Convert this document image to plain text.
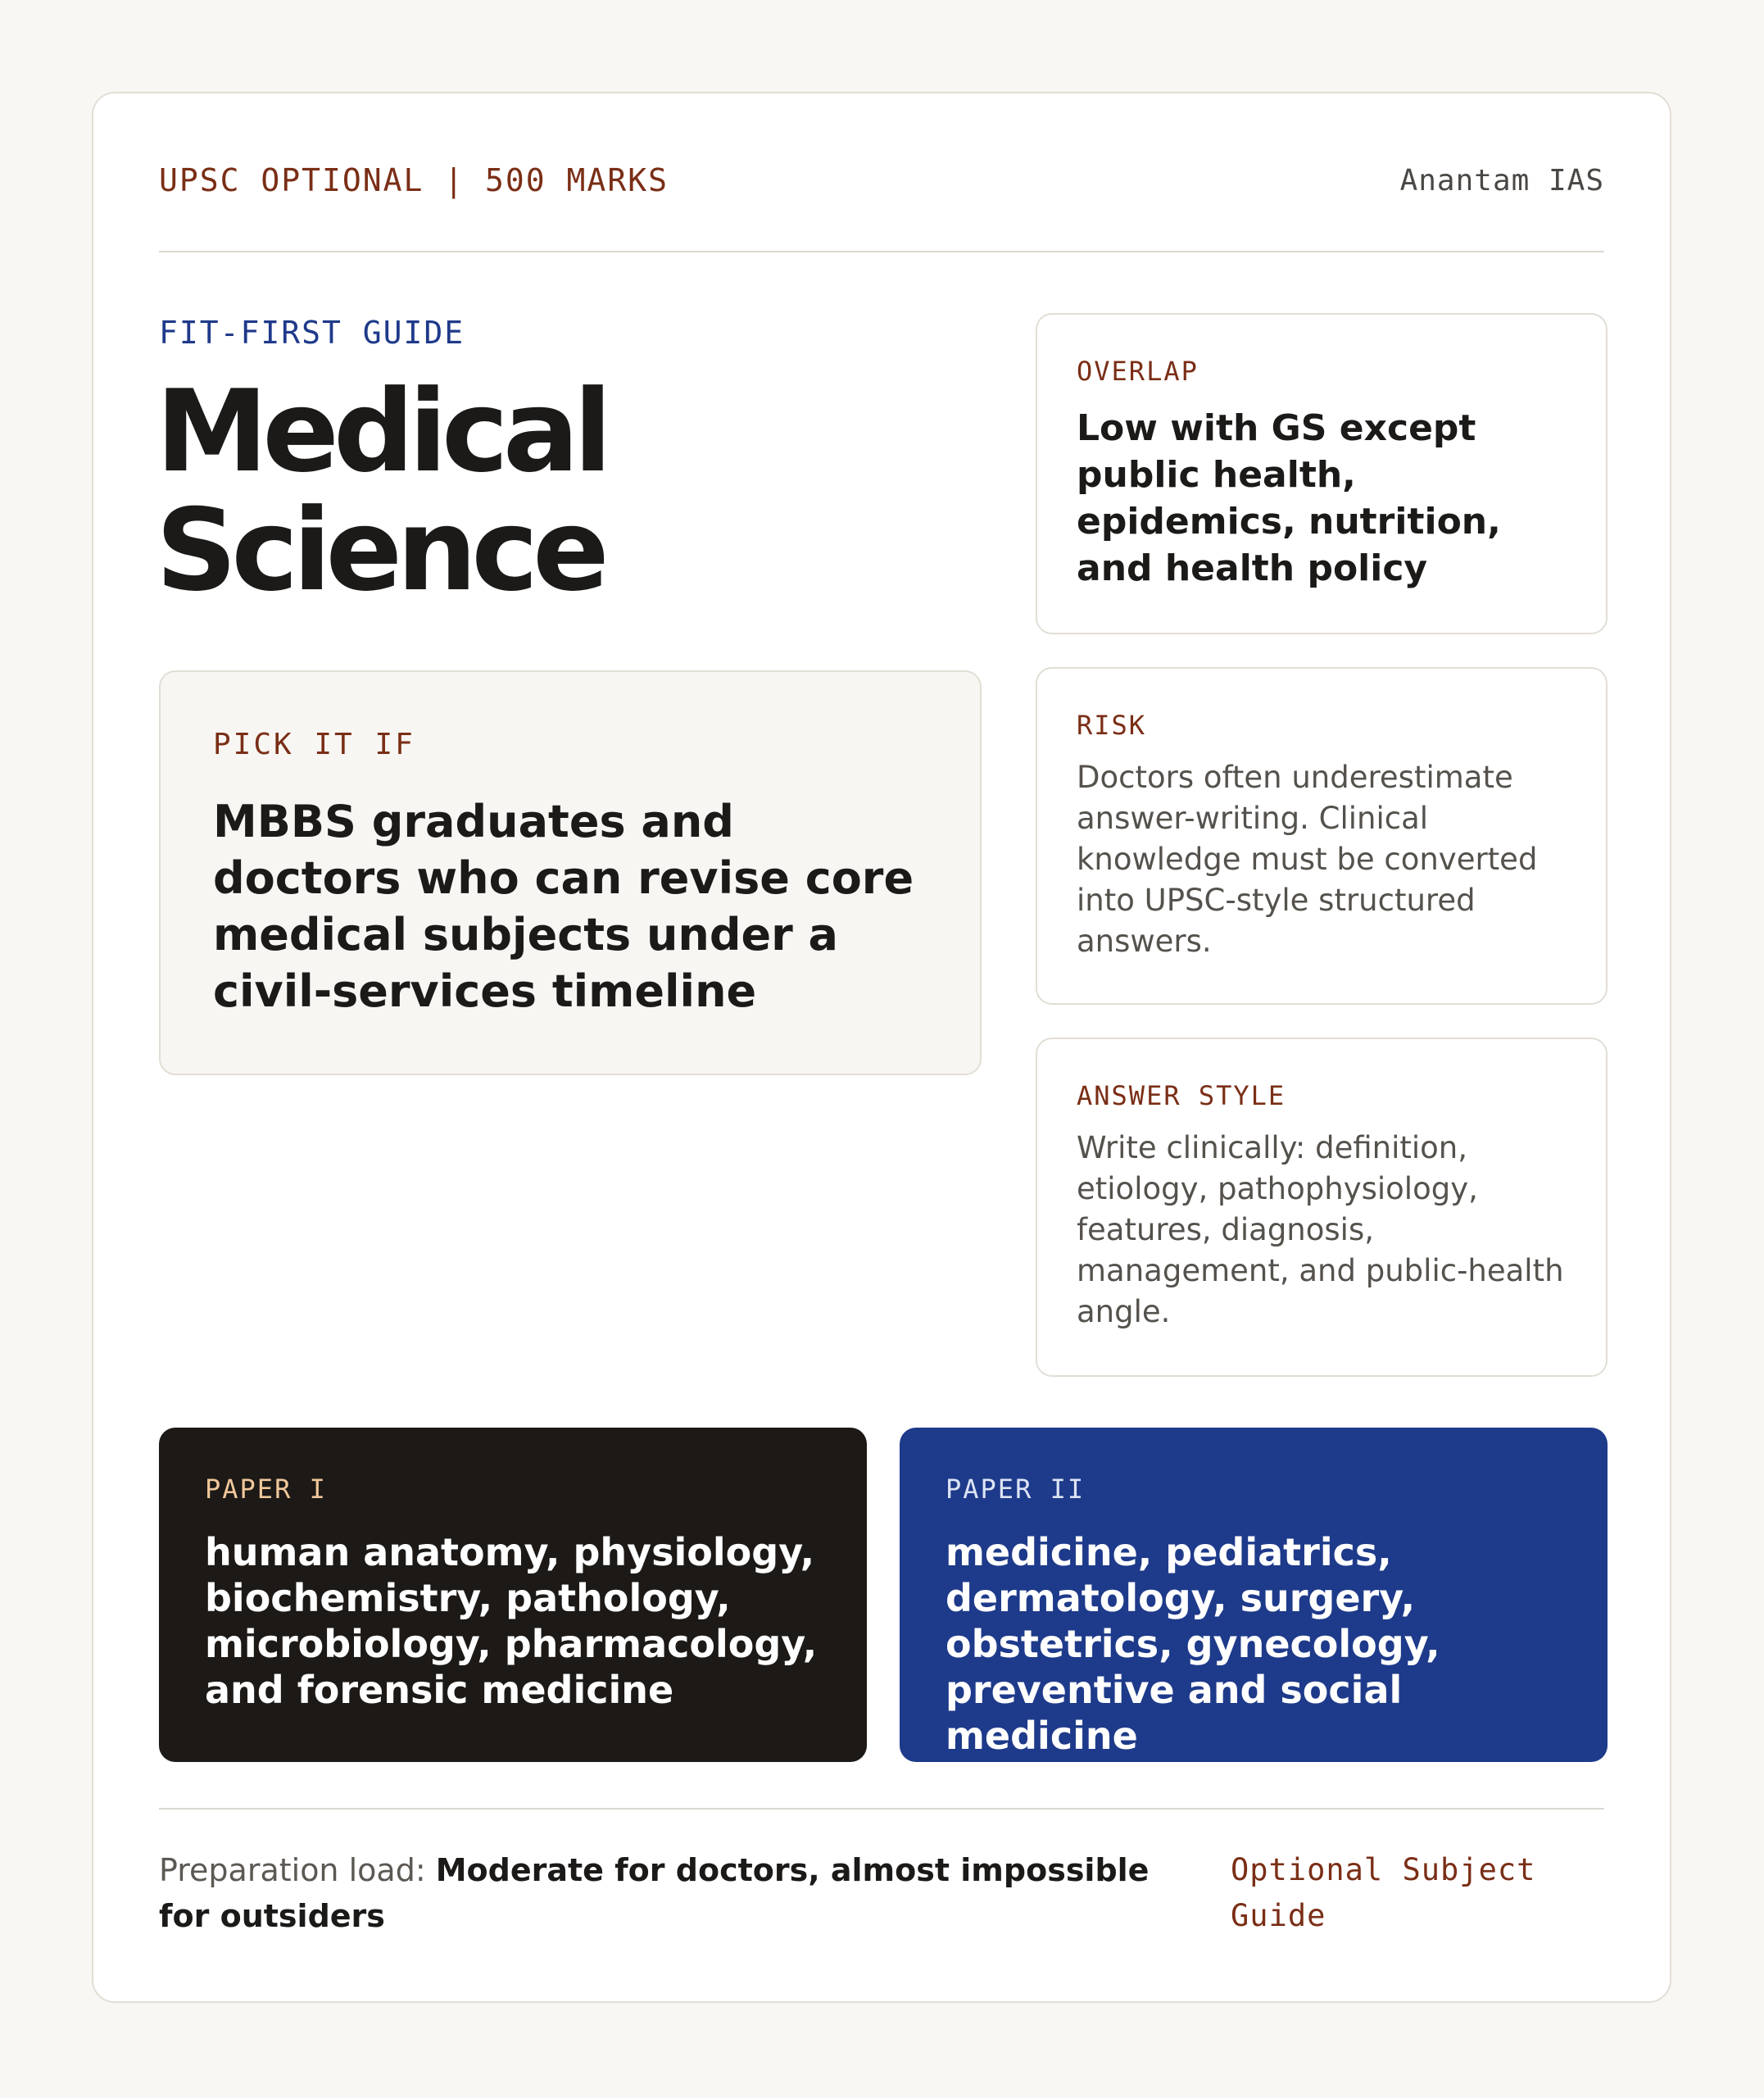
UPSC OPTIONAL | 500 MARKS	Anantam IAS
FIT-FIRST GUIDE
Medical
Science
PICK IT IF
MBBS graduates and doctors who can revise core medical subjects under a civil-services timeline
OVERLAP
Low with GS except public health, epidemics, nutrition, and health policy
RISK
Doctors often underestimate answer-writing. Clinical knowledge must be converted into UPSC-style structured answers.
ANSWER STYLE
Write clinically: definition, etiology, pathophysiology, features, diagnosis, management, and public-health angle.
PAPER I
human anatomy, physiology, biochemistry, pathology, microbiology, pharmacology, and forensic medicine
PAPER II
medicine, pediatrics, dermatology, surgery, obstetrics, gynecology, preventive and social medicine
Preparation load: Moderate for doctors, almost impossible for outsiders
Optional Subject Guide
